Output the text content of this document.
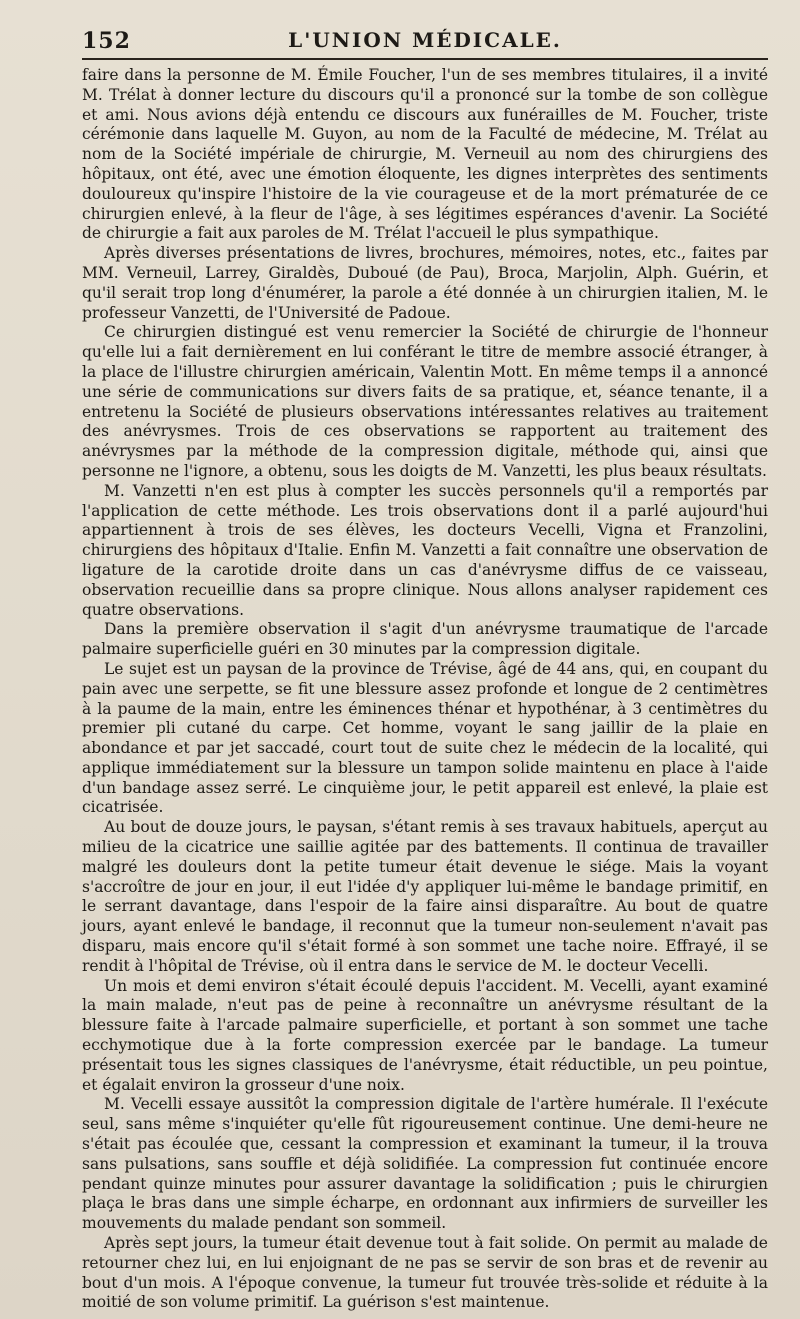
152	L'UNION MÉDICALE.

faire dans la personne de M. Émile Foucher, l'un de ses membres titulaires, il a invité M. Trélat à donner lecture du discours qu'il a prononcé sur la tombe de son collègue et ami. Nous avions déjà entendu ce discours aux funérailles de M. Foucher, triste cérémonie dans laquelle M. Guyon, au nom de la Faculté de médecine, M. Trélat au nom de la Société impériale de chirurgie, M. Verneuil au nom des chirurgiens des hôpitaux, ont été, avec une émotion éloquente, les dignes interprètes des sentiments douloureux qu'inspire l'histoire de la vie courageuse et de la mort prématurée de ce chirurgien enlevé, à la fleur de l'âge, à ses légitimes espérances d'avenir. La Société de chirurgie a fait aux paroles de M. Trélat l'accueil le plus sympathique.

Après diverses présentations de livres, brochures, mémoires, notes, etc., faites par MM. Verneuil, Larrey, Giraldès, Duboué (de Pau), Broca, Marjolin, Alph. Guérin, et qu'il serait trop long d'énumérer, la parole a été donnée à un chirurgien italien, M. le professeur Vanzetti, de l'Université de Padoue.

Ce chirurgien distingué est venu remercier la Société de chirurgie de l'honneur qu'elle lui a fait dernièrement en lui conférant le titre de membre associé étranger, à la place de l'illustre chirurgien américain, Valentin Mott. En même temps il a annoncé une série de communications sur divers faits de sa pratique, et, séance tenante, il a entretenu la Société de plusieurs observations intéressantes relatives au traitement des anévrysmes. Trois de ces observations se rapportent au traitement des anévrysmes par la méthode de la compression digitale, méthode qui, ainsi que personne ne l'ignore, a obtenu, sous les doigts de M. Vanzetti, les plus beaux résultats.

M. Vanzetti n'en est plus à compter les succès personnels qu'il a remportés par l'application de cette méthode. Les trois observations dont il a parlé aujourd'hui appartiennent à trois de ses élèves, les docteurs Vecelli, Vigna et Franzolini, chirurgiens des hôpitaux d'Italie. Enfin M. Vanzetti a fait connaître une observation de ligature de la carotide droite dans un cas d'anévrysme diffus de ce vaisseau, observation recueillie dans sa propre clinique. Nous allons analyser rapidement ces quatre observations.

Dans la première observation il s'agit d'un anévrysme traumatique de l'arcade palmaire superficielle guéri en 30 minutes par la compression digitale.

Le sujet est un paysan de la province de Trévise, âgé de 44 ans, qui, en coupant du pain avec une serpette, se fit une blessure assez profonde et longue de 2 centimètres à la paume de la main, entre les éminences thénar et hypothénar, à 3 centimètres du premier pli cutané du carpe. Cet homme, voyant le sang jaillir de la plaie en abondance et par jet saccadé, court tout de suite chez le médecin de la localité, qui applique immédiatement sur la blessure un tampon solide maintenu en place à l'aide d'un bandage assez serré. Le cinquième jour, le petit appareil est enlevé, la plaie est cicatrisée.

Au bout de douze jours, le paysan, s'étant remis à ses travaux habituels, aperçut au milieu de la cicatrice une saillie agitée par des battements. Il continua de travailler malgré les douleurs dont la petite tumeur était devenue le siége. Mais la voyant s'accroître de jour en jour, il eut l'idée d'y appliquer lui-même le bandage primitif, en le serrant davantage, dans l'espoir de la faire ainsi disparaître. Au bout de quatre jours, ayant enlevé le bandage, il reconnut que la tumeur non-seulement n'avait pas disparu, mais encore qu'il s'était formé à son sommet une tache noire. Effrayé, il se rendit à l'hôpital de Trévise, où il entra dans le service de M. le docteur Vecelli.

Un mois et demi environ s'était écoulé depuis l'accident. M. Vecelli, ayant examiné la main malade, n'eut pas de peine à reconnaître un anévrysme résultant de la blessure faite à l'arcade palmaire superficielle, et portant à son sommet une tache ecchymotique due à la forte compression exercée par le bandage. La tumeur présentait tous les signes classiques de l'anévrysme, était réductible, un peu pointue, et égalait environ la grosseur d'une noix.

M. Vecelli essaye aussitôt la compression digitale de l'artère humérale. Il l'exécute seul, sans même s'inquiéter qu'elle fût rigoureusement continue. Une demi-heure ne s'était pas écoulée que, cessant la compression et examinant la tumeur, il la trouva sans pulsations, sans souffle et déjà solidifiée. La compression fut continuée encore pendant quinze minutes pour assurer davantage la solidification ; puis le chirurgien plaça le bras dans une simple écharpe, en ordonnant aux infirmiers de surveiller les mouvements du malade pendant son sommeil.

Après sept jours, la tumeur était devenue tout à fait solide. On permit au malade de retourner chez lui, en lui enjoignant de ne pas se servir de son bras et de revenir au bout d'un mois. A l'époque convenue, la tumeur fut trouvée très-solide et réduite à la moitié de son volume primitif. La guérison s'est maintenue.
